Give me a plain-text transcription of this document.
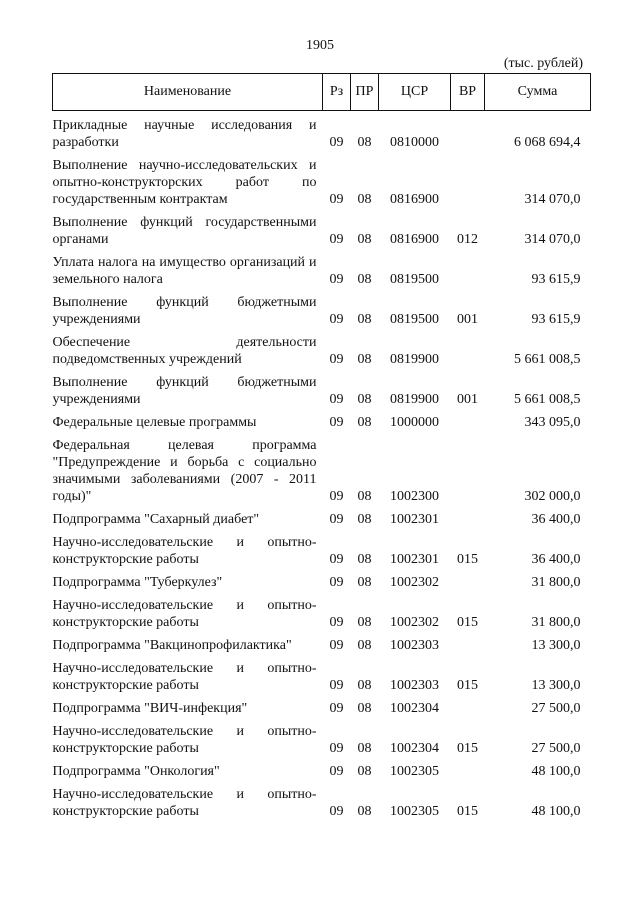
1905
(тыс. рублей)
Наименование	Рз	ПР	ЦСР	ВР	Сумма

Прикладные научные исследования и разработки	09	08	0810000		6 068 694,4

Выполнение научно-исследовательских и опытно-конструкторских работ по государственным контрактам	09	08	0816900		314 070,0

Выполнение функций государственными органами	09	08	0816900	012	314 070,0

Уплата налога на имущество организаций и земельного налога	09	08	0819500		93 615,9

Выполнение функций бюджетными учреждениями	09	08	0819500	001	93 615,9

Обеспечение деятельности подведомственных учреждений	09	08	0819900		5 661 008,5

Выполнение функций бюджетными учреждениями	09	08	0819900	001	5 661 008,5

Федеральные целевые программы	09	08	1000000		343 095,0

Федеральная целевая программа "Предупреждение и борьба с социально значимыми заболеваниями (2007 - 2011 годы)"	09	08	1002300		302 000,0

Подпрограмма "Сахарный диабет"	09	08	1002301		36 400,0

Научно-исследовательские и опытно-конструкторские работы	09	08	1002301	015	36 400,0

Подпрограмма "Туберкулез"	09	08	1002302		31 800,0

Научно-исследовательские и опытно-конструкторские работы	09	08	1002302	015	31 800,0

Подпрограмма "Вакцинопрофилактика"	09	08	1002303		13 300,0

Научно-исследовательские и опытно-конструкторские работы	09	08	1002303	015	13 300,0

Подпрограмма "ВИЧ-инфекция"	09	08	1002304		27 500,0

Научно-исследовательские и опытно-конструкторские работы	09	08	1002304	015	27 500,0

Подпрограмма "Онкология"	09	08	1002305		48 100,0

Научно-исследовательские и опытно-конструкторские работы	09	08	1002305	015	48 100,0
